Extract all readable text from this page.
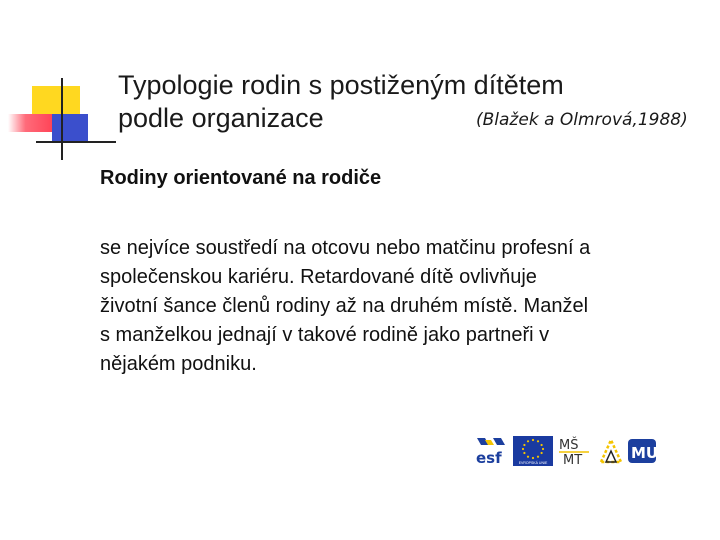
Typologie rodin s postiženým dítětem
podle organizace	(Blažek a Olmrová,1988)
Rodiny orientované na rodiče
se nejvíce soustředí na otcovu nebo matčinu profesní a
společenskou kariéru. Retardované dítě ovlivňuje
životní šance členů rodiny až na druhém místě. Manžel
s manželkou jednají v takové rodině jako partneři v
nějakém podniku.
esf	EVROPSKÁ UNIE
MŠ
MT	MU
